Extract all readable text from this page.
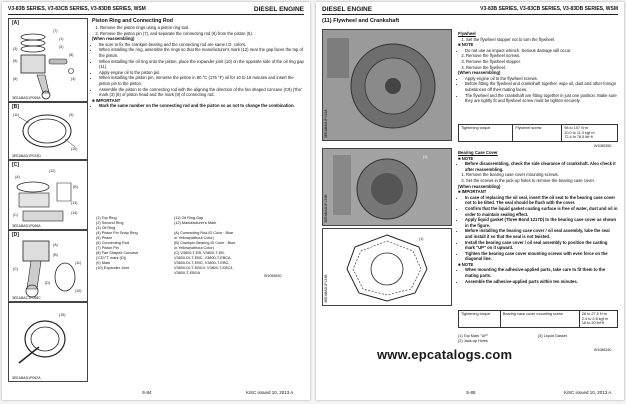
V3-83B SERIES, V3-83CB SERIES, V3-83DB SERIES, WSM	DIESEL ENGINE
[A]
(7)
(1)
(2)
(8)
(6)
(5)
(3)
(4)
3EEABAD1P065A
[B]
(11)	(9)
(10)
3EEABAD1P033D
[C]
(12)
(A)
(B)
(13)
(14)
(C)
3EEABAD1P066A
[D]
(A)
(B)
(C)
(D)
(11)
(10)
3EEABAC1P068C
(15)
3EEABAD1P062A
Piston Ring and Connecting Rod
1. Remove the piston rings using a piston ring tool.
2. Remove the piston pin (7), and separate the connecting rod (6) from the piston (5).
(When reassembling)
• Be sure to fix the crankpin bearing and the connecting rod are same I.D. colors.
• When installing the ring, assemble the rings so that the manufacturer's mark (12) near the gap faces the top of the piston.
• When installing the oil ring onto the piston, place the expander joint (10) on the opposite side of the oil ring gap (11).
• Apply engine oil to the piston pin.
• When installing the piston pin, immerse the piston in 80 °C (176 °F) oil for 10 to 15 minutes and insert the piston pin to the piston.
• Assemble the piston to the connecting rod with the aligning the direction of the fan shaped concave (C9) ('the' mark (3) (6) of piston head and the mark (8) of connecting rod.
■ IMPORTANT
• Mark the same number on the connecting rod and the piston so as not to change the combination.
(1) Top Ring	(11) Oil Ring Gap
(2) Second Ring	(12) Manufacturer's Mark
(3) Oil Ring
(4) Piston Pin Snap Ring	(A) Connecting Rod ID Color : Blue
(5) Piston	or Yellow(without Color)
(6) Connecting Rod	(B) Crankpin Bearing ID Color : Blue
(7) Piston Pin	or Yellow(without Color)
(8) Fan Shaped Concave	(C) V3800-T-EB, V3800-T-EB,
('CD'/'T' mark (D))	V3800-DI-T-EBC, V3800-T-EBCA,
(9) Mark	V3800-DI-T-EBG, V3800-T-EBG,
(10) Expander Joint	V3800-DI-T-EBG4, V3800-T-EBC4,
V3800-T-EBGA
W1059830
S-84	KiSC issued 10, 2013 A
DIESEL ENGINE	V3-83B SERIES, V3-83CB SERIES, V3-83DB SERIES, WSM
(11) Flywheel and Crankshaft
3EEABAD1P132A
(1)
3EEABAD1P133B
(1)
3EEABAD1P134B
Flywheel
1. Set the flywheel stopper not to turn the flywheel.
■ NOTE
• Do not use an impact wrench. Serious damage will occur.
2. Remove the flywheel screws.
3. Remove the flywheel stopper.
4. Remove the flywheel.
(When reassembling)
• Apply engine oil to the flywheel screws.
• Before fitting the flywheel and crankshaft together, wipe oil, dust and other foreign substances off their mating faces.
• The flywheel and the crankshaft are fitting together in just one position. Make sure they are tightly fit and flywheel screw must be tighten securely.
Tightening torque	Flywheel screw	98 to 107 N·m
10.0 to 11.0 kgf·m
72.4 to 78.5 lbf·ft
W1085350
Bearing Case Cover
■ NOTE
• Before disassembling, check the side clearance of crankshaft. Also check it after reassembling.
1. Remove the bearing case cover mounting screws.
2. Set the screws in the jack-up holes to remove the bearing case cover.
(When reassembling)
■ IMPORTANT
• In case of replacing the oil seal, insert the oil seal to the bearing case cover not to be tilted. The seal should be flush with the cover.
• Confirm that the liquid gasket coating surface is free of water, dust and oil in order to maintain sealing effect.
• Apply liquid gasket (Three Bond 1217D) to the bearing case cover as shown in the figure.
• Before installing the bearing case cover / oil seal assembly, lube the seal and install it so that the seal is not twisted.
• Install the bearing case cover / oil seal assembly to position the casting mark "UP" on it upward.
• Tighten the bearing case cover mounting screws with even force on the diagonal line.
■ NOTE
• When mounting the adhesive-applied parts, take care to fit them to the mating parts.
• Assemble the adhesive-applied parts within ten minutes.
Tightening torque	Bearing case cover mounting screw	26 to 27.5 N·m
2.4 to 2.8 kgf·m
18 to 20 lbf·ft
(1) Top Mark "UP"	(3) Liquid Gasket
(2) Jack-up Holes
W1086340
S-85	KiSC issued 10, 2013 A
www.epcatalogs.com
